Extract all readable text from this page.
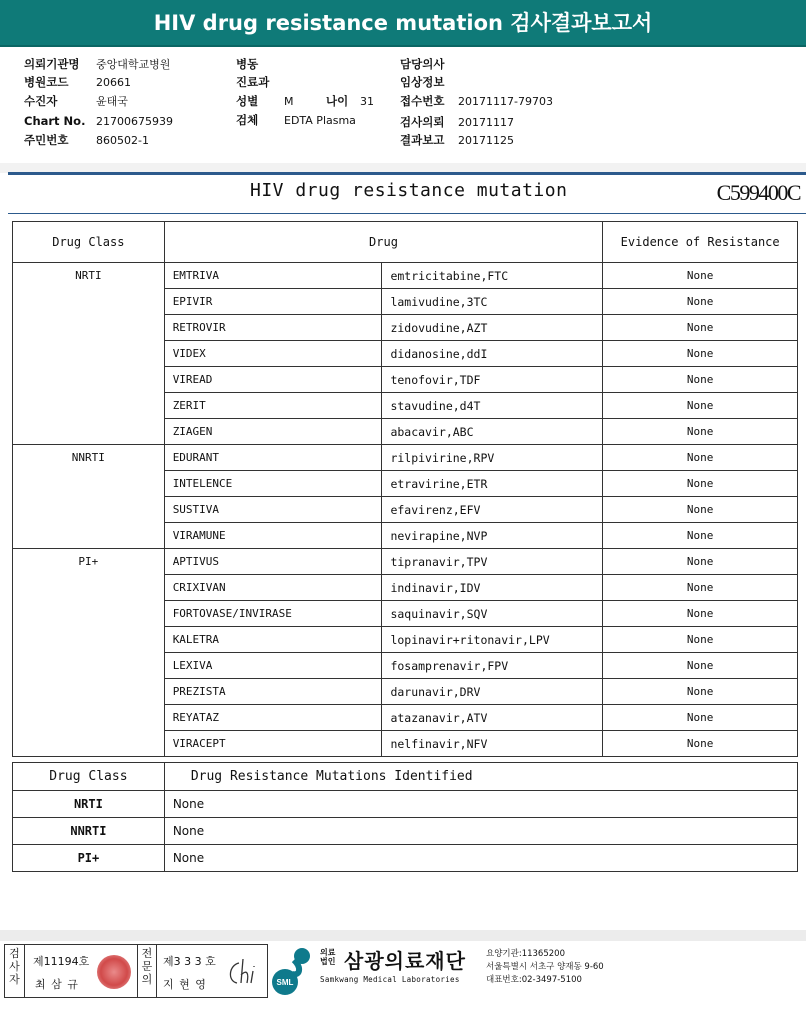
HIV drug resistance mutation 검사결과보고서
의뢰기관명 중앙대학교병원
병원코드	20661
수진자	윤태국
Chart No. 21700675939
주민번호	860502-1
병동
진료과
성별 M	나이 31
검체 EDTA Plasma
담당의사
임상정보
접수번호 20171117-79703
검사의뢰 20171117
결과보고 20171125
HIV drug resistance mutation	C599400C
Drug Class	Drug		Evidence of Resistance
NRTI	EMTRIVA	emtricitabine,FTC	None
	EPIVIR	lamivudine,3TC	None
	RETROVIR	zidovudine,AZT	None
	VIDEX	didanosine,ddI	None
	VIREAD	tenofovir,TDF	None
	ZERIT	stavudine,d4T	None
	ZIAGEN	abacavir,ABC	None
NNRTI	EDURANT	rilpivirine,RPV	None
	INTELENCE	etravirine,ETR	None
	SUSTIVA	efavirenz,EFV	None
	VIRAMUNE	nevirapine,NVP	None
PI+	APTIVUS	tipranavir,TPV	None
	CRIXIVAN	indinavir,IDV	None
	FORTOVASE/INVIRASE	saquinavir,SQV	None
	KALETRA	lopinavir+ritonavir,LPV	None
	LEXIVA	fosamprenavir,FPV	None
	PREZISTA	darunavir,DRV	None
	REYATAZ	atazanavir,ATV	None
	VIRACEPT	nelfinavir,NFV	None
Drug Class	Drug Resistance Mutations Identified
NRTI	None
NNRTI	None
PI+	None
검사자
제11194호
최 삼 규
전문의
제3 3 3 호
지 현 영	SML
의료 법인 삼광의료재단
Samkwang Medical Laboratories
요양기관:11365200
서울특별시 서초구 양재동 9-60
대표번호:02-3497-5100
